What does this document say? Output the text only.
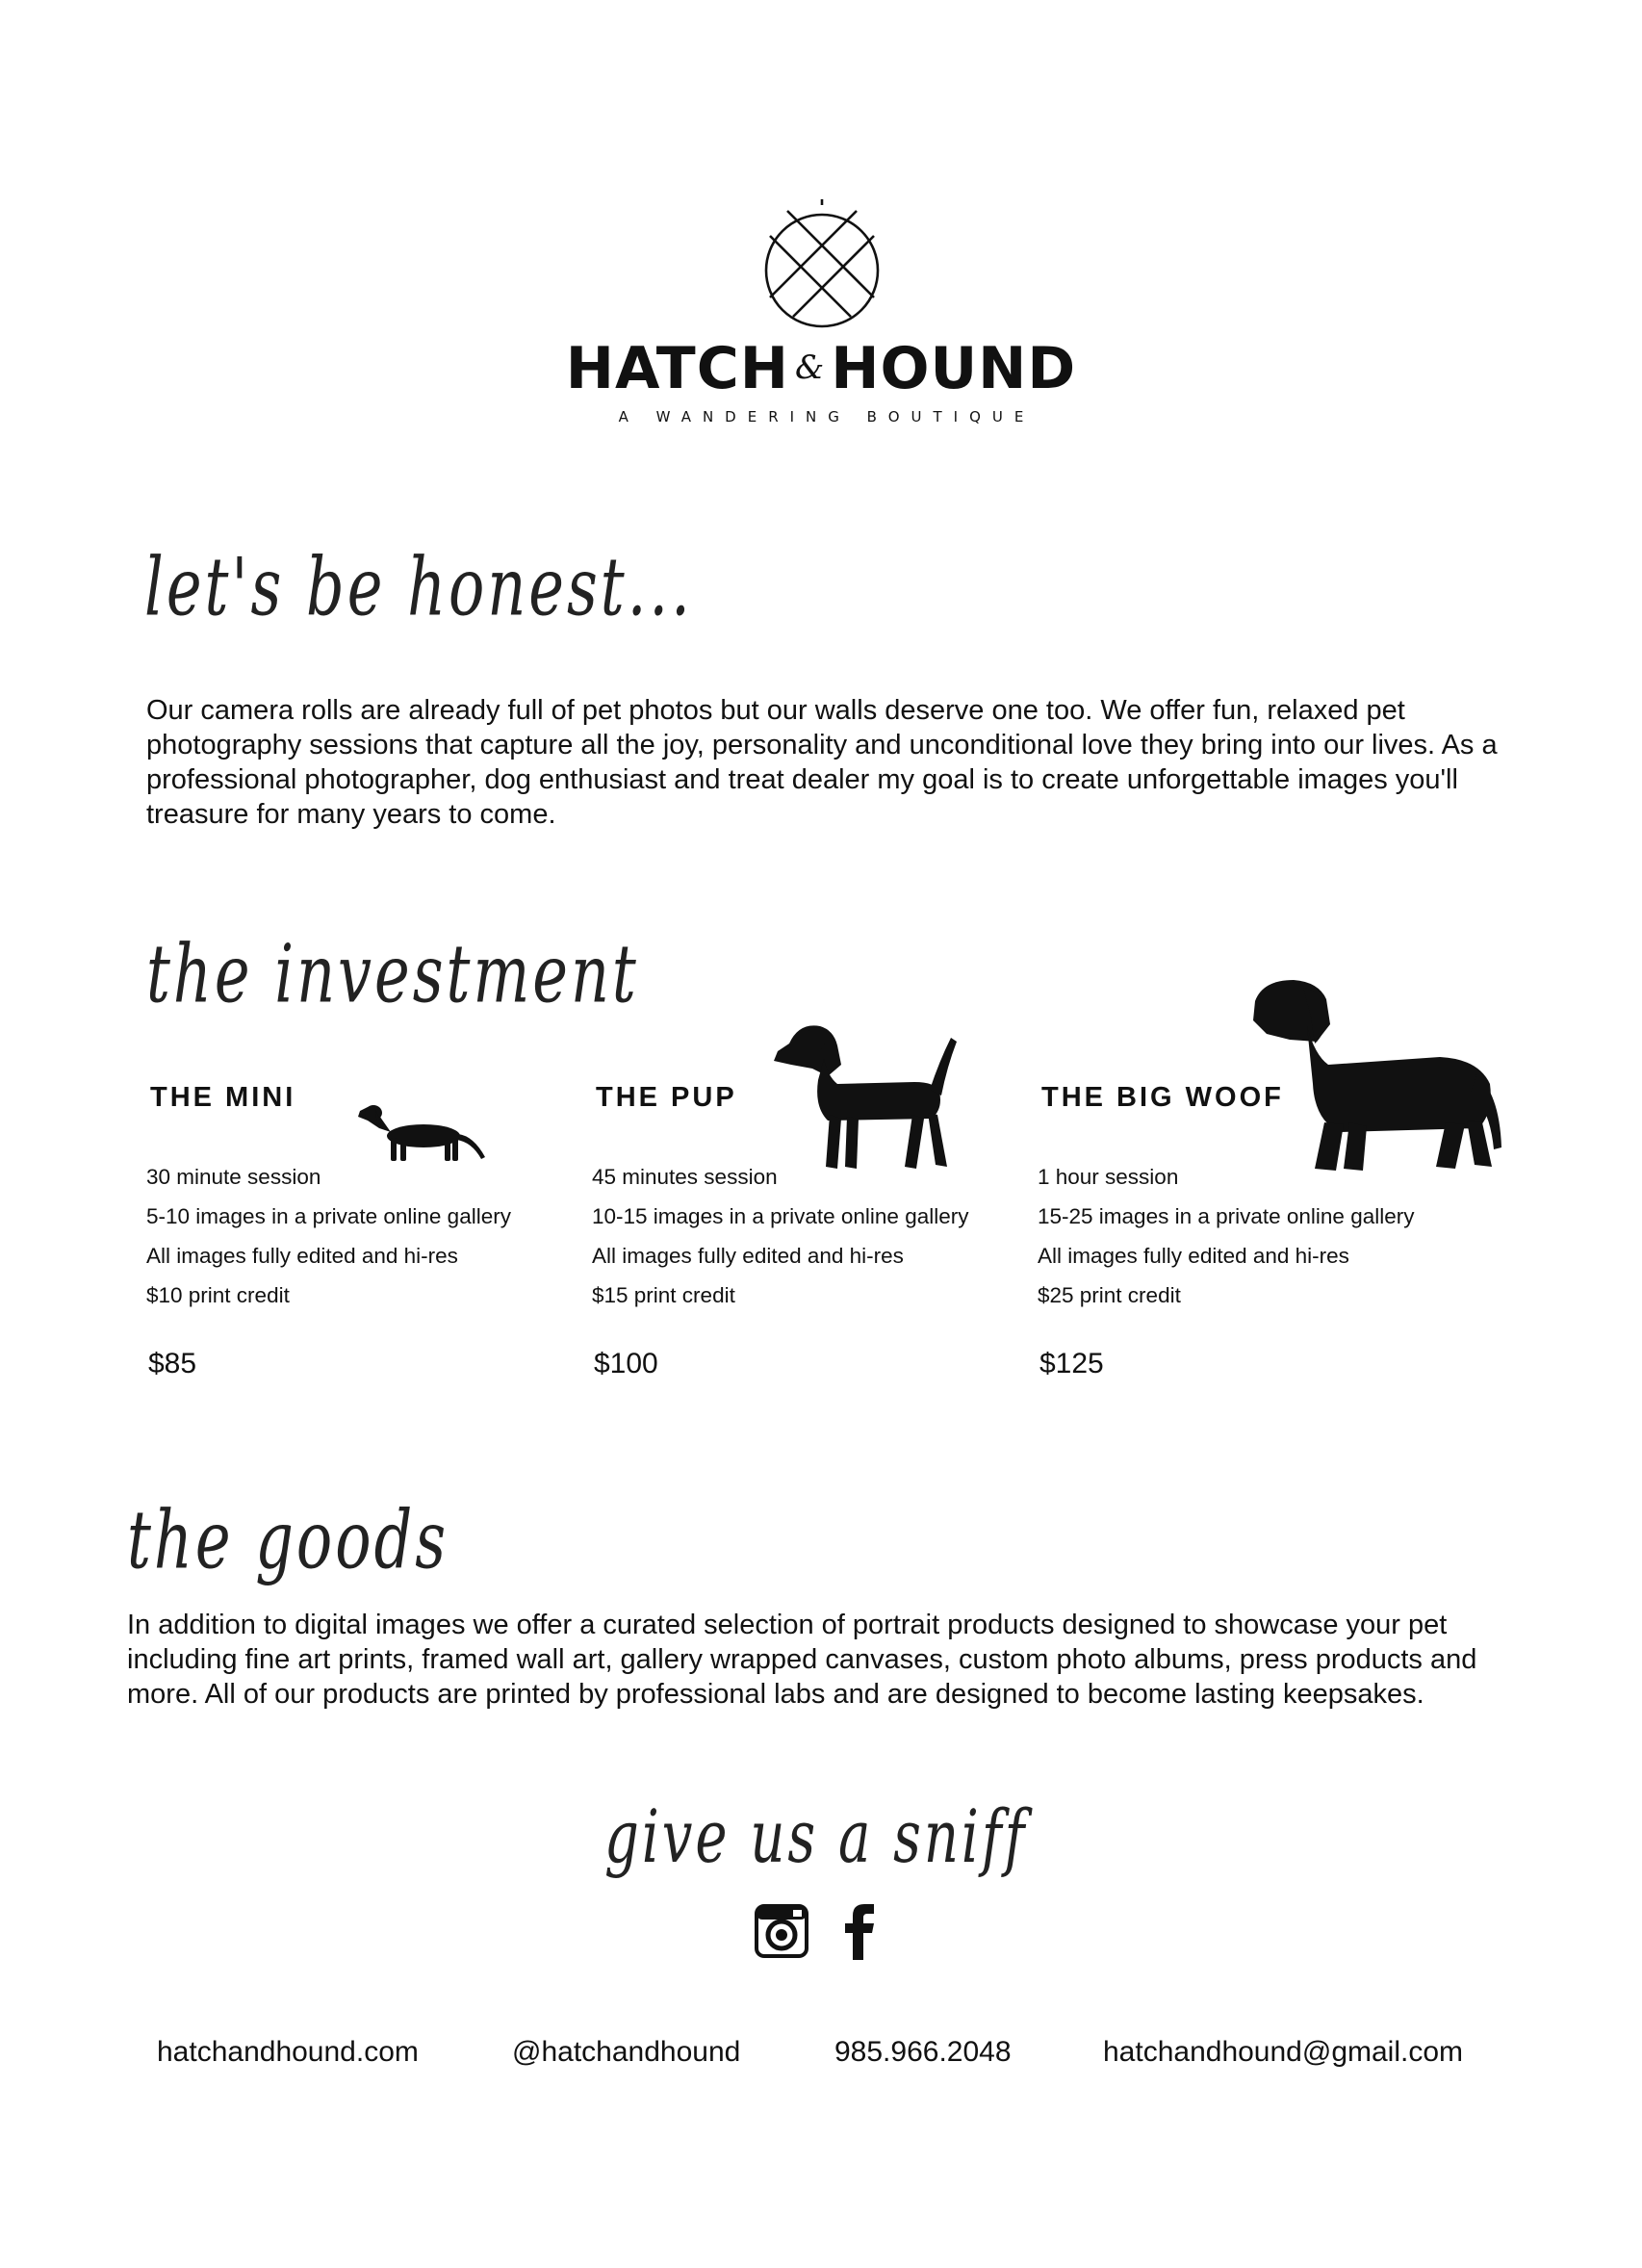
HATCH & HOUND
A WANDERING BOUTIQUE
let's be honest...
Our camera rolls are already full of pet photos but our walls deserve one too. We offer fun, relaxed pet photography sessions that capture all the joy, personality and unconditional love they bring into our lives. As a professional photographer, dog enthusiast and treat dealer my goal is to create unforgettable images you'll treasure for many years to come.
the investment
THE MINI
30 minute session
5-10 images in a private online gallery
All images fully edited and hi-res
$10 print credit
$85
THE PUP
45 minutes session
10-15 images in a private online gallery
All images fully edited and hi-res
$15 print credit
$100
THE BIG WOOF
1 hour session
15-25 images in a private online gallery
All images fully edited and hi-res
$25 print credit
$125
the goods
In addition to digital images we offer a curated selection of portrait products designed to showcase your pet including fine art prints, framed wall art, gallery wrapped canvases, custom photo albums, press products and more. All of our products are printed by professional labs and are designed to become lasting keepsakes.
give us a sniff
hatchandhound.com	@hatchandhound	985.966.2048	hatchandhound@gmail.com
